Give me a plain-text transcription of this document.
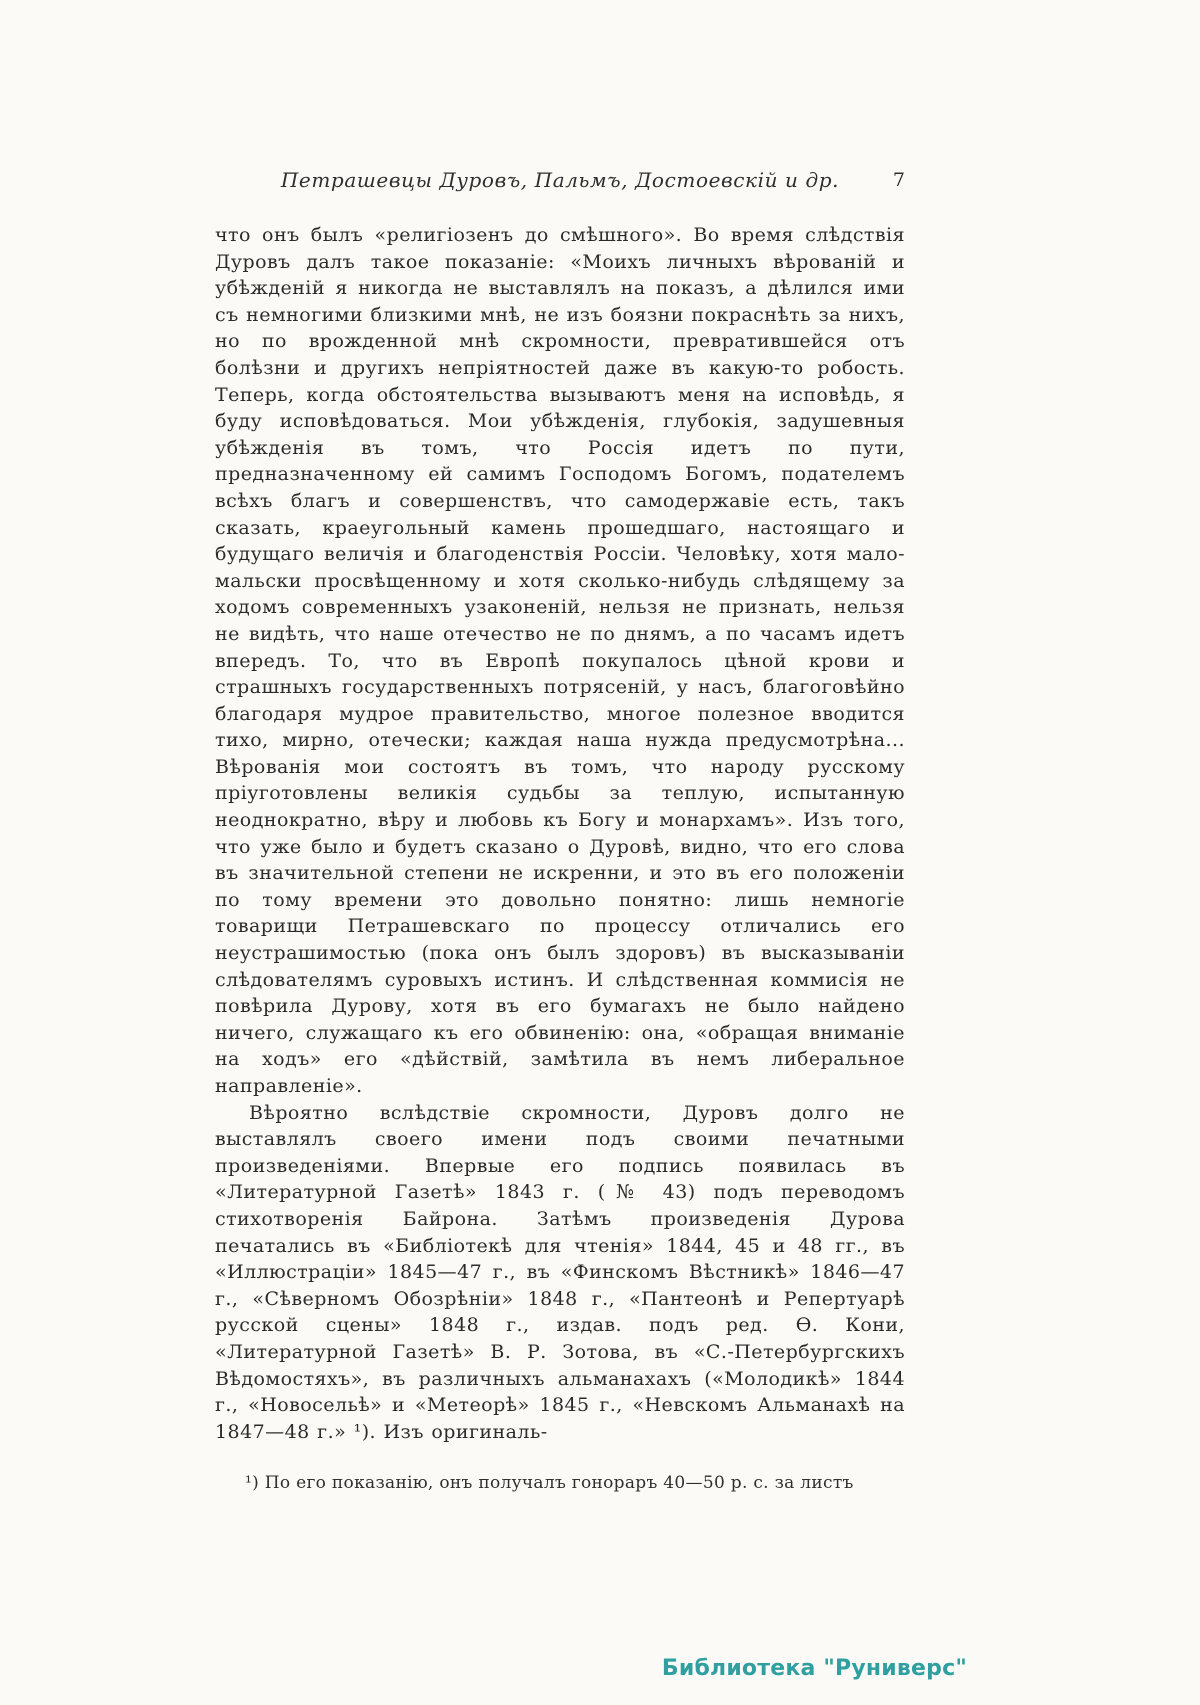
Петрашевцы Дуровъ, Пальмъ, Достоевскій и др.	7

что онъ былъ «религіозенъ до смѣшного». Во время слѣдствія Дуровъ далъ такое показаніе: «Моихъ личныхъ вѣрованій и убѣжденій я никогда не выставлялъ на показъ, а дѣлился ими съ немногими близкими мнѣ, не изъ боязни покраснѣть за нихъ, но по врожденной мнѣ скромности, превратившейся отъ болѣзни и другихъ непріятностей даже въ какую-то робость. Теперь, когда обстоятельства вызываютъ меня на исповѣдь, я буду исповѣдоваться. Мои убѣжденія, глубокія, задушевныя убѣжденія въ томъ, что Россія идетъ по пути, предназначенному ей самимъ Господомъ Богомъ, подателемъ всѣхъ благъ и совершенствъ, что самодержавіе есть, такъ сказать, краеугольный камень прошедшаго, настоящаго и будущаго величія и благоденствія Россіи. Человѣку, хотя мало-мальски просвѣщенному и хотя сколько-нибудь слѣдящему за ходомъ современныхъ узаконеній, нельзя не признать, нельзя не видѣть, что наше отечество не по днямъ, а по часамъ идетъ впередъ. То, что въ Европѣ покупалось цѣной крови и страшныхъ государственныхъ потрясеній, у насъ, благоговѣйно благодаря мудрое правительство, многое полезное вводится тихо, мирно, отечески; каждая наша нужда предусмотрѣна... Вѣрованія мои состоятъ въ томъ, что народу русскому пріуготовлены великія судьбы за теплую, испытанную неоднократно, вѣру и любовь къ Богу и монархамъ». Изъ того, что уже было и будетъ сказано о Дуровѣ, видно, что его слова въ значительной степени не искренни, и это въ его положеніи по тому времени это довольно понятно: лишь немногіе товарищи Петрашевскаго по процессу отличались его неустрашимостью (пока онъ былъ здоровъ) въ высказываніи слѣдователямъ суровыхъ истинъ. И слѣдственная коммисія не повѣрила Дурову, хотя въ его бумагахъ не было найдено ничего, служащаго къ его обвиненію: она, «обращая вниманіе на ходъ» его «дѣйствій, замѣтила въ немъ либеральное направленіе».

Вѣроятно вслѣдствіе скромности, Дуровъ долго не выставлялъ своего имени подъ своими печатными произведеніями. Впервые его подпись появилась въ «Литературной Газетѣ» 1843 г. (№ 43) подъ переводомъ стихотворенія Байрона. Затѣмъ произведенія Дурова печатались въ «Библіотекѣ для чтенія» 1844, 45 и 48 гг., въ «Иллюстраціи» 1845—47 г., въ «Финскомъ Вѣстникѣ» 1846—47 г., «Сѣверномъ Обозрѣніи» 1848 г., «Пантеонѣ и Репертуарѣ русской сцены» 1848 г., издав. подъ ред. Ѳ. Кони, «Литературной Газетѣ» В. Р. Зотова, въ «С.-Петербургскихъ Вѣдомостяхъ», въ различныхъ альманахахъ («Молодикѣ» 1844 г., «Новосельѣ» и «Метеорѣ» 1845 г., «Невскомъ Альманахѣ на 1847—48 г.» ¹). Изъ оригиналь-

¹) По его показанію, онъ получалъ гонораръ 40—50 р. с. за листъ
Библиотека "Руниверс"
